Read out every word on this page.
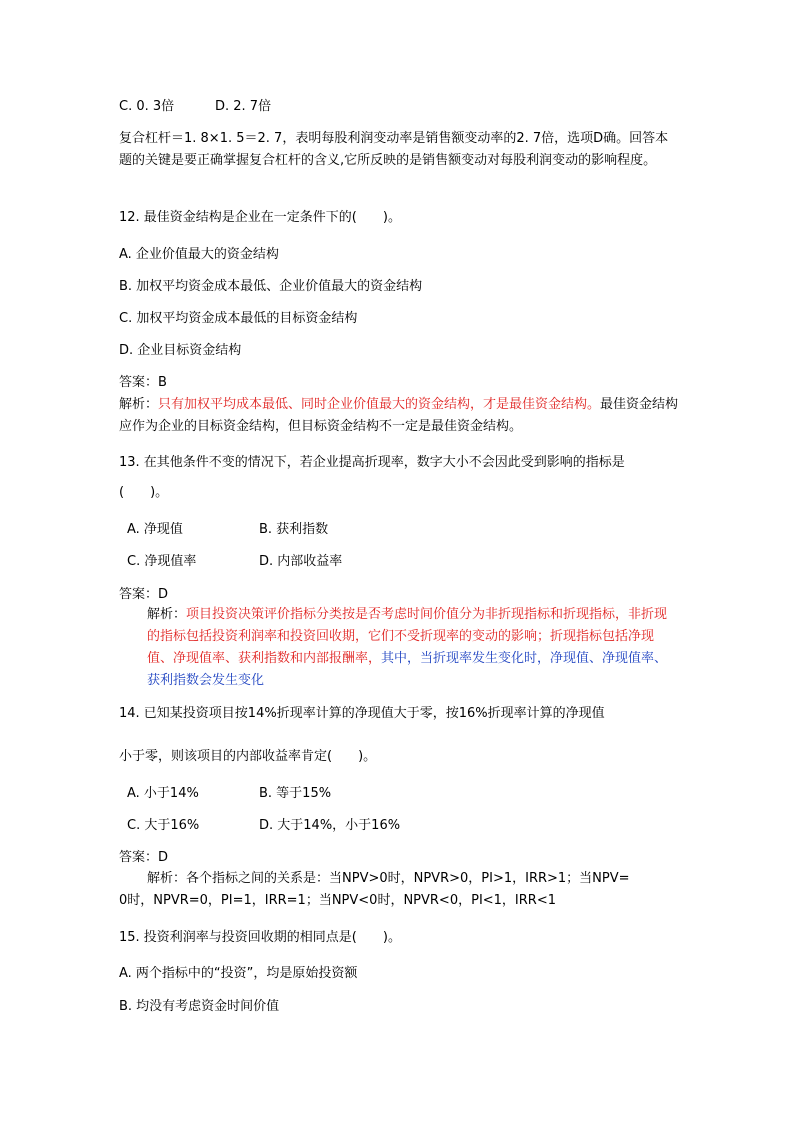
C. 0. 3倍	D. 2. 7倍
复合杠杆＝1. 8×1. 5＝2. 7，表明每股利润变动率是销售额变动率的2. 7倍，选项D确。回答本题的关键是要正确掌握复合杠杆的含义,它所反映的是销售额变动对每股利润变动的影响程度。
12. 最佳资金结构是企业在一定条件下的(　　)。
A. 企业价值最大的资金结构
B. 加权平均资金成本最低、企业价值最大的资金结构
C. 加权平均资金成本最低的目标资金结构
D. 企业目标资金结构
答案：B
解析：只有加权平均成本最低、同时企业价值最大的资金结构，才是最佳资金结构。最佳资金结构应作为企业的目标资金结构，但目标资金结构不一定是最佳资金结构。
13. 在其他条件不变的情况下，若企业提高折现率，数字大小不会因此受到影响的指标是
(　　)。
A. 净现值	B. 获利指数
C. 净现值率	D. 内部收益率
答案：D
解析：项目投资决策评价指标分类按是否考虑时间价值分为非折现指标和折现指标，非折现的指标包括投资利润率和投资回收期，它们不受折现率的变动的影响；折现指标包括净现值、净现值率、获利指数和内部报酬率，其中，当折现率发生变化时，净现值、净现值率、获利指数会发生变化
14. 已知某投资项目按14%折现率计算的净现值大于零，按16%折现率计算的净现值
小于零，则该项目的内部收益率肯定(　　)。
A. 小于14%	B. 等于15%
C. 大于16%	D. 大于14%，小于16%
答案：D
解析：各个指标之间的关系是：当NPV>0时，NPVR>0，PI>1，IRR>1；当NPV=
0时，NPVR=0，PI=1，IRR=1；当NPV<0时，NPVR<0，PI<1，IRR<1
15. 投资利润率与投资回收期的相同点是(　　)。
A. 两个指标中的“投资”，均是原始投资额
B. 均没有考虑资金时间价值
